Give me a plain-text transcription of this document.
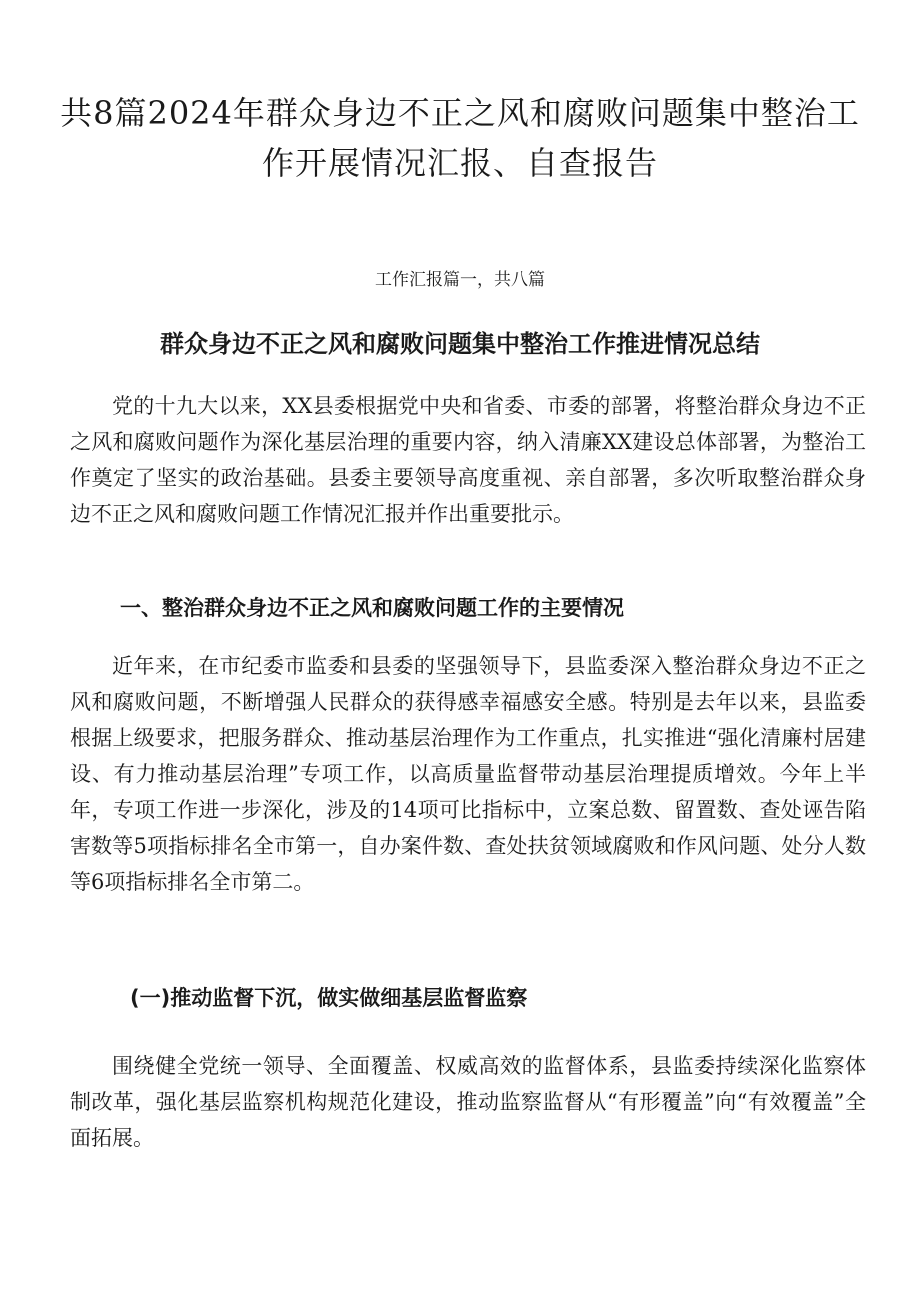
共8篇2024年群众身边不正之风和腐败问题集中整治工作开展情况汇报、自查报告
工作汇报篇一，共八篇
群众身边不正之风和腐败问题集中整治工作推进情况总结

党的十九大以来，XX县委根据党中央和省委、市委的部署，将整治群众身边不正之风和腐败问题作为深化基层治理的重要内容，纳入清廉XX建设总体部署，为整治工作奠定了坚实的政治基础。县委主要领导高度重视、亲自部署，多次听取整治群众身边不正之风和腐败问题工作情况汇报并作出重要批示。

一、整治群众身边不正之风和腐败问题工作的主要情况

近年来，在市纪委市监委和县委的坚强领导下，县监委深入整治群众身边不正之风和腐败问题，不断增强人民群众的获得感幸福感安全感。特别是去年以来，县监委根据上级要求，把服务群众、推动基层治理作为工作重点，扎实推进“强化清廉村居建设、有力推动基层治理”专项工作，以高质量监督带动基层治理提质增效。今年上半年，专项工作进一步深化，涉及的14项可比指标中，立案总数、留置数、查处诬告陷害数等5项指标排名全市第一，自办案件数、查处扶贫领域腐败和作风问题、处分人数等6项指标排名全市第二。

(一)推动监督下沉，做实做细基层监督监察

围绕健全党统一领导、全面覆盖、权威高效的监督体系，县监委持续深化监察体制改革，强化基层监察机构规范化建设，推动监察监督从“有形覆盖”向“有效覆盖”全面拓展。
